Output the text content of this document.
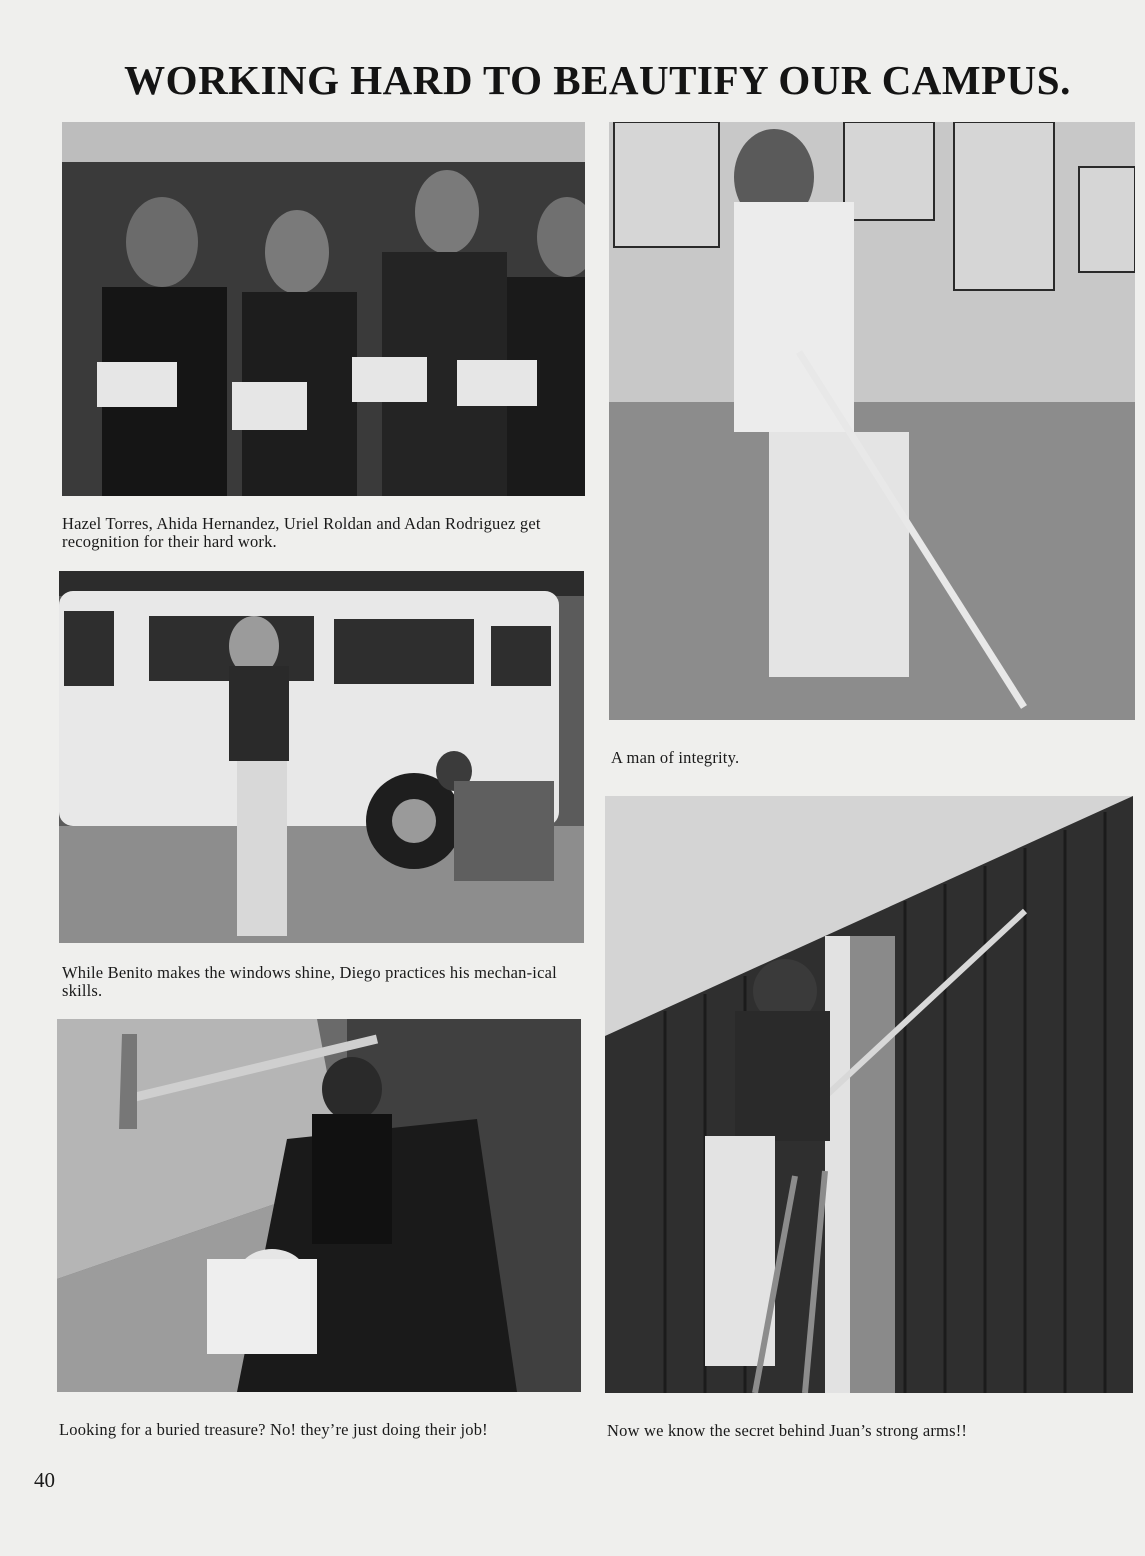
WORKING HARD TO BEAUTIFY OUR CAMPUS.
Hazel Torres, Ahida Hernandez, Uriel Roldan and Adan Rodriguez get recognition for their hard work.
A man of integrity.
While Benito makes the windows shine, Diego practices his mechan-ical skills.
Looking for a buried treasure? No! they’re just doing their job!	Now we know the secret behind Juan’s strong arms!!
40
